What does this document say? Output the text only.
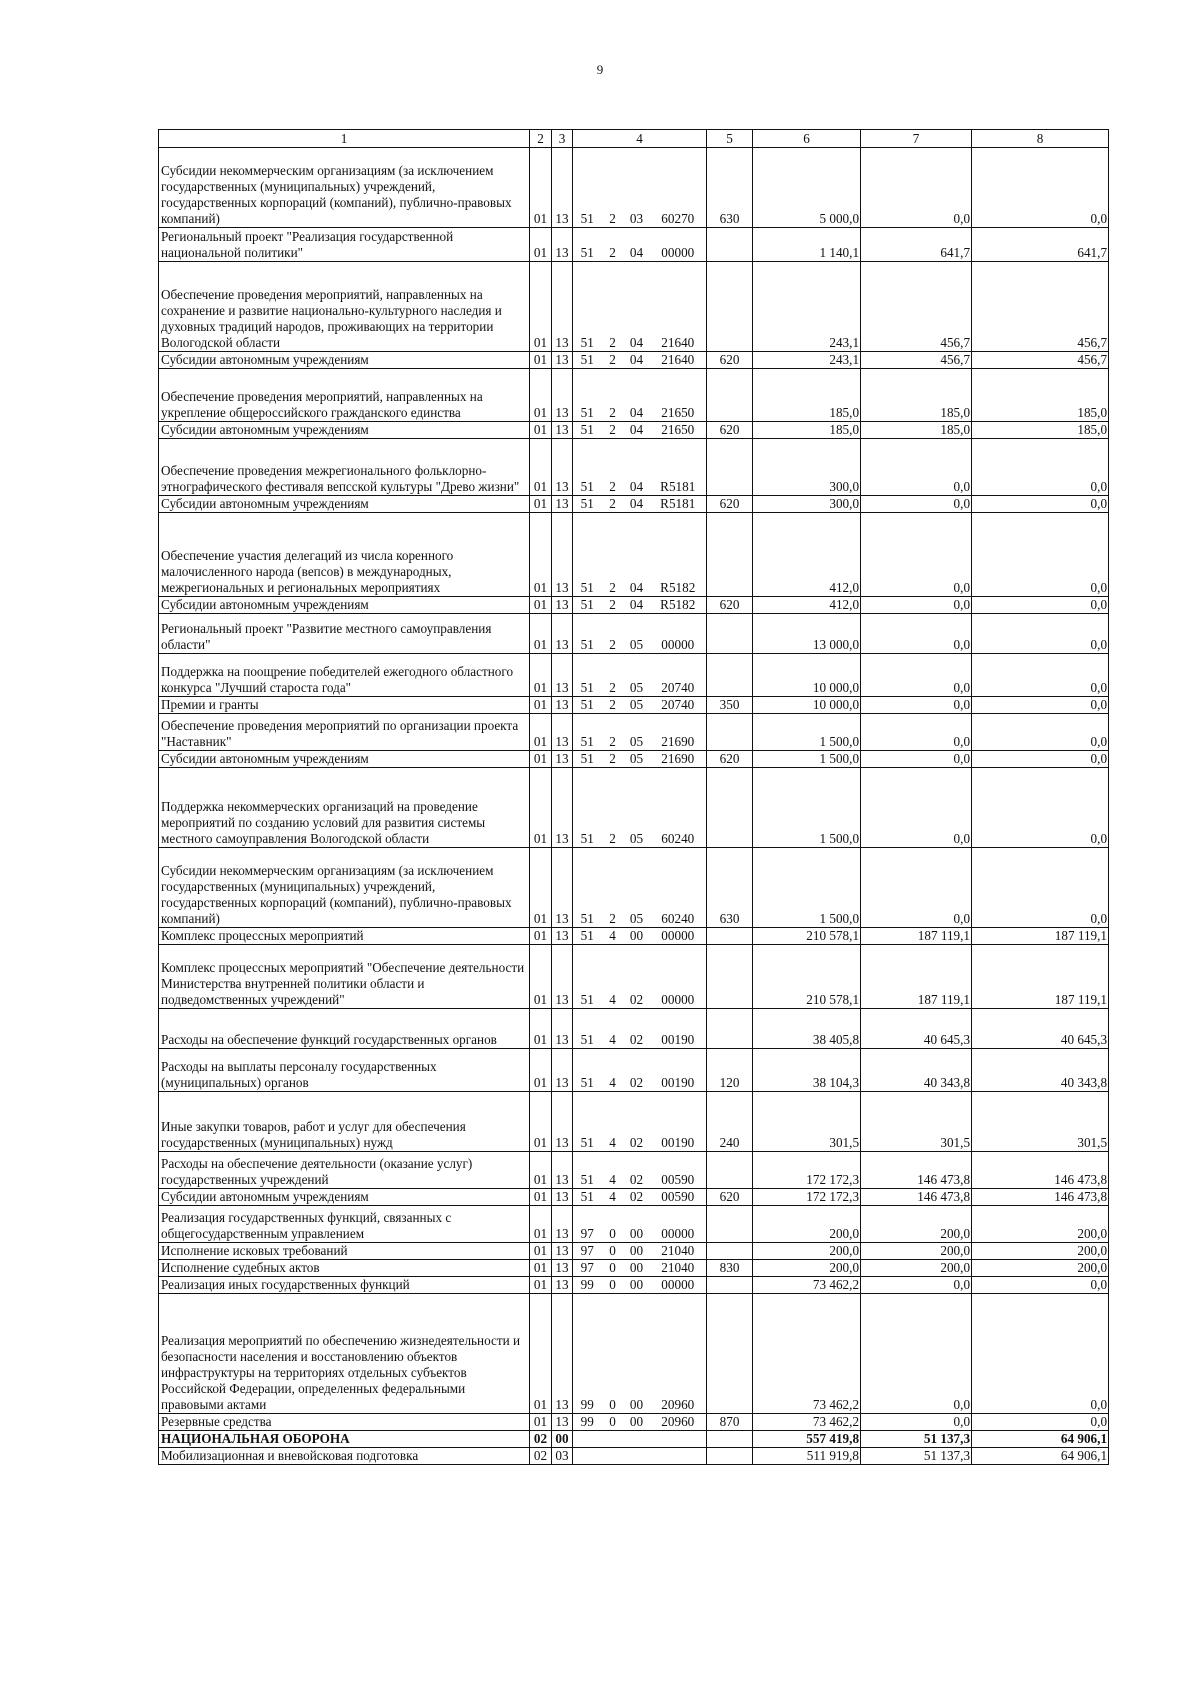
9
1	2	3	4				5	6	7	8
Субсидии некоммерческим организациям (за исключением государственных (муниципальных) учреждений, государственных корпораций (компаний), публично-правовых компаний)	01	13	51	2	03	60270	630	5 000,0	0,0	0,0
Региональный проект "Реализация государственной национальной политики"	01	13	51	2	04	00000		1 140,1	641,7	641,7
Обеспечение проведения мероприятий, направленных на сохранение и развитие национально-культурного наследия и духовных традиций народов, проживающих на территории Вологодской области	01	13	51	2	04	21640		243,1	456,7	456,7
Субсидии автономным учреждениям	01	13	51	2	04	21640	620	243,1	456,7	456,7
Обеспечение проведения мероприятий, направленных на укрепление общероссийского гражданского единства	01	13	51	2	04	21650		185,0	185,0	185,0
Субсидии автономным учреждениям	01	13	51	2	04	21650	620	185,0	185,0	185,0
Обеспечение проведения межрегионального фольклорно-этнографического фестиваля вепсской культуры "Древо жизни"	01	13	51	2	04	R5181		300,0	0,0	0,0
Субсидии автономным учреждениям	01	13	51	2	04	R5181	620	300,0	0,0	0,0
Обеспечение участия делегаций из числа коренного малочисленного народа (вепсов) в международных, межрегиональных и региональных мероприятиях	01	13	51	2	04	R5182		412,0	0,0	0,0
Субсидии автономным учреждениям	01	13	51	2	04	R5182	620	412,0	0,0	0,0
Региональный проект "Развитие местного самоуправления области"	01	13	51	2	05	00000		13 000,0	0,0	0,0
Поддержка на поощрение победителей ежегодного областного конкурса "Лучший староста года"	01	13	51	2	05	20740		10 000,0	0,0	0,0
Премии и гранты	01	13	51	2	05	20740	350	10 000,0	0,0	0,0
Обеспечение проведения мероприятий по организации проекта "Наставник"	01	13	51	2	05	21690		1 500,0	0,0	0,0
Субсидии автономным учреждениям	01	13	51	2	05	21690	620	1 500,0	0,0	0,0
Поддержка некоммерческих организаций на проведение мероприятий по созданию условий для развития системы местного самоуправления Вологодской области	01	13	51	2	05	60240		1 500,0	0,0	0,0
Субсидии некоммерческим организациям (за исключением государственных (муниципальных) учреждений, государственных корпораций (компаний), публично-правовых компаний)	01	13	51	2	05	60240	630	1 500,0	0,0	0,0
Комплекс процессных мероприятий	01	13	51	4	00	00000		210 578,1	187 119,1	187 119,1
Комплекс процессных мероприятий "Обеспечение деятельности Министерства внутренней политики области и подведомственных учреждений"	01	13	51	4	02	00000		210 578,1	187 119,1	187 119,1
Расходы на обеспечение функций государственных органов	01	13	51	4	02	00190		38 405,8	40 645,3	40 645,3
Расходы на выплаты персоналу государственных (муниципальных) органов	01	13	51	4	02	00190	120	38 104,3	40 343,8	40 343,8
Иные закупки товаров, работ и услуг для обеспечения государственных (муниципальных) нужд	01	13	51	4	02	00190	240	301,5	301,5	301,5
Расходы на обеспечение деятельности (оказание услуг) государственных учреждений	01	13	51	4	02	00590		172 172,3	146 473,8	146 473,8
Субсидии автономным учреждениям	01	13	51	4	02	00590	620	172 172,3	146 473,8	146 473,8
Реализация государственных функций, связанных с общегосударственным управлением	01	13	97	0	00	00000		200,0	200,0	200,0
Исполнение исковых требований	01	13	97	0	00	21040		200,0	200,0	200,0
Исполнение судебных актов	01	13	97	0	00	21040	830	200,0	200,0	200,0
Реализация иных государственных функций	01	13	99	0	00	00000		73 462,2	0,0	0,0
Реализация мероприятий по обеспечению жизнедеятельности и безопасности населения и восстановлению объектов инфраструктуры на территориях отдельных субъектов Российской Федерации, определенных федеральными правовыми актами	01	13	99	0	00	20960		73 462,2	0,0	0,0
Резервные средства	01	13	99	0	00	20960	870	73 462,2	0,0	0,0
НАЦИОНАЛЬНАЯ ОБОРОНА	02	00						557 419,8	51 137,3	64 906,1
Мобилизационная и вневойсковая подготовка	02	03						511 919,8	51 137,3	64 906,1
